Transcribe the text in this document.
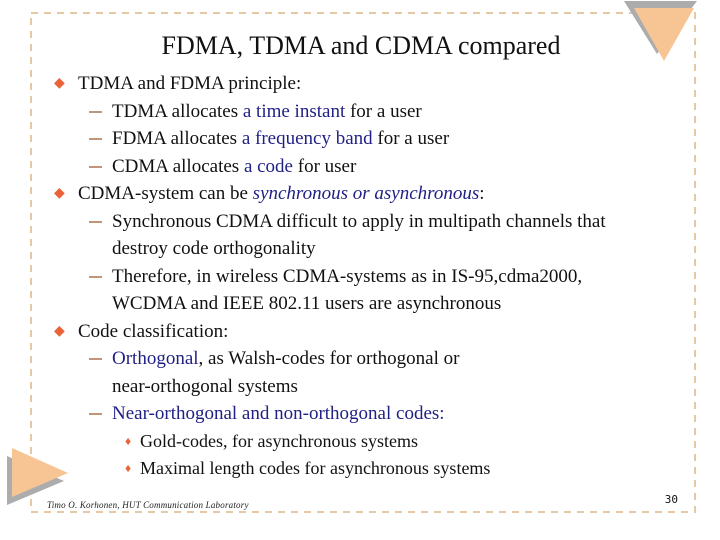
FDMA, TDMA and CDMA compared
◆ TDMA and FDMA principle:
TDMA allocates a time instant for a user
FDMA allocates a frequency band for a user
CDMA allocates a code for user
◆ CDMA-system can be synchronous or asynchronous:
Synchronous CDMA difficult to apply in multipath channels that
destroy code orthogonality
Therefore, in wireless CDMA-systems as in IS-95,cdma2000,
WCDMA and IEEE 802.11 users are asynchronous
◆ Code classification:
Orthogonal, as Walsh-codes for orthogonal or
near-orthogonal systems
Near-orthogonal and non-orthogonal codes:
♦ Gold-codes, for asynchronous systems
♦ Maximal length codes for asynchronous systems
Timo O. Korhonen, HUT Communication Laboratory	30
